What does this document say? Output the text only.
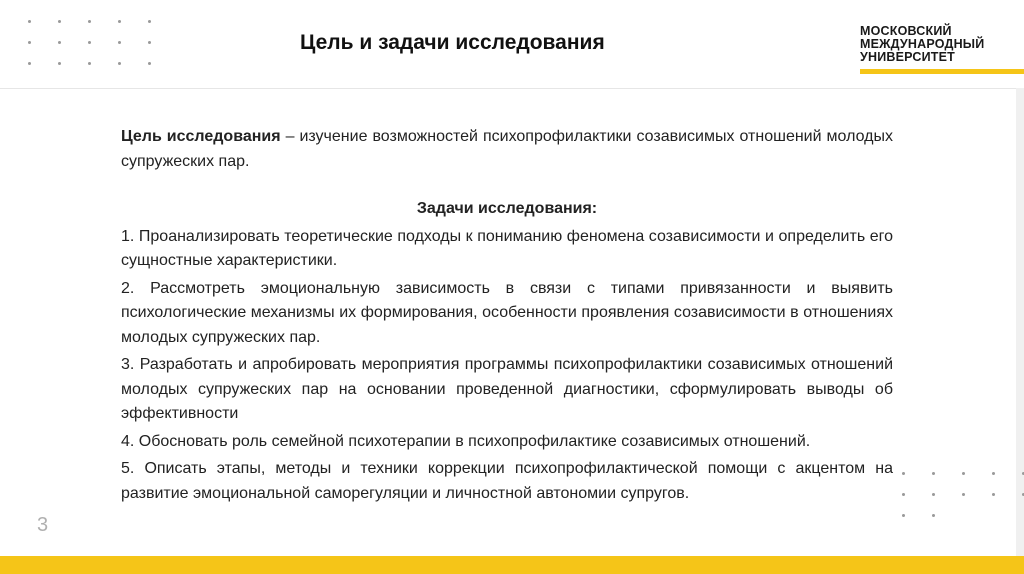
Цель и задачи исследования	МОСКОВСКИЙ
МЕЖДУНАРОДНЫЙ
УНИВЕРСИТЕТ
Цель исследования – изучение возможностей психопрофилактики созависимых отношений молодых супружеских пар.
Задачи исследования:
1. Проанализировать теоретические подходы к пониманию феномена созависимости и определить его сущностные характеристики.
2. Рассмотреть эмоциональную зависимость в связи с типами привязанности и выявить психологические механизмы их формирования, особенности проявления созависимости в отношениях молодых супружеских пар.
3. Разработать и апробировать мероприятия программы психопрофилактики созависимых отношений молодых супружеских пар на основании проведенной диагностики, сформулировать выводы об эффективности
4. Обосновать роль семейной психотерапии в психопрофилактике созависимых отношений.
5. Описать этапы, методы и техники коррекции психопрофилактической помощи с акцентом на развитие эмоциональной саморегуляции и личностной автономии супругов.
3
